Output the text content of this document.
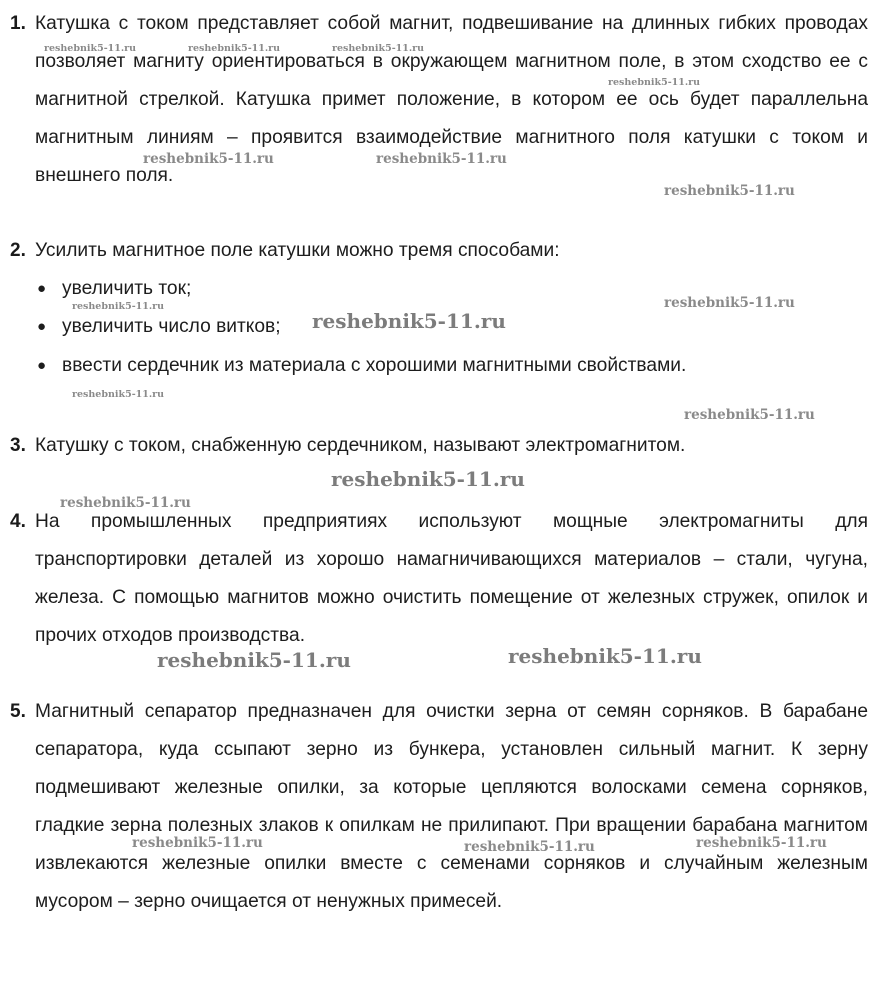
1. Катушка с током представляет собой магнит, подвешивание на длинных гибких проводах позволяет магниту ориентироваться в окружающем магнитном поле, в этом сходство ее с магнитной стрелкой. Катушка примет положение, в котором ее ось будет параллельна магнитным линиям – проявится взаимодействие магнитного поля катушки с током и внешнего поля.
2. Усилить магнитное поле катушки можно тремя способами:
● увеличить ток;
● увеличить число витков;
● ввести сердечник из материала с хорошими магнитными свойствами.
3. Катушку с током, снабженную сердечником, называют электромагнитом.
4. На промышленных предприятиях используют мощные электромагниты для транспортировки деталей из хорошо намагничивающихся материалов – стали, чугуна, железа. С помощью магнитов можно очистить помещение от железных стружек, опилок и прочих отходов производства.
5. Магнитный сепаратор предназначен для очистки зерна от семян сорняков. В барабане сепаратора, куда ссыпают зерно из бункера, установлен сильный магнит. К зерну подмешивают железные опилки, за которые цепляются волосками семена сорняков, гладкие зерна полезных злаков к опилкам не прилипают. При вращении барабана магнитом извлекаются железные опилки вместе с семенами сорняков и случайным железным мусором – зерно очищается от ненужных примесей.
reshebnik5-11.ru	reshebnik5-11.ru	reshebnik5-11.ru
reshebnik5-11.ru
reshebnik5-11.ru	reshebnik5-11.ru
reshebnik5-11.ru
reshebnik5-11.ru	reshebnik5-11.ru
reshebnik5-11.ru
reshebnik5-11.ru
reshebnik5-11.ru
reshebnik5-11.ru
reshebnik5-11.ru
reshebnik5-11.ru	reshebnik5-11.ru
reshebnik5-11.ru	reshebnik5-11.ru	reshebnik5-11.ru
